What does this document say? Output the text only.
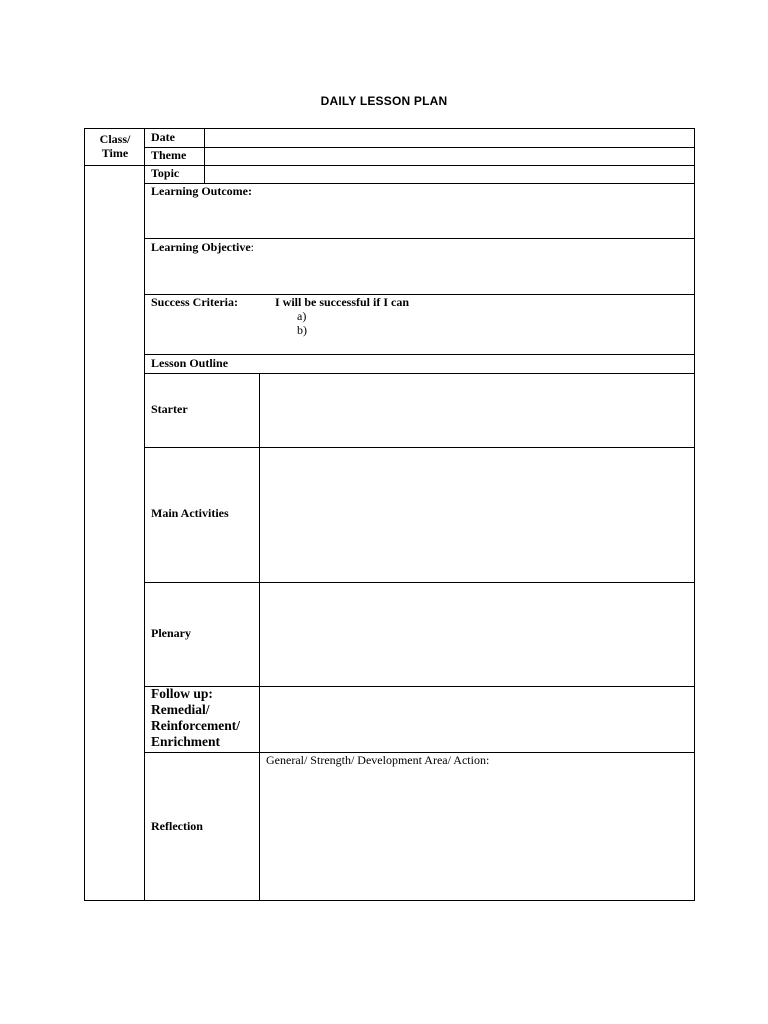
DAILY LESSON PLAN
Class/
Time
Date
Theme
Topic
Learning Outcome:
Learning Objective:
Success Criteria:	I will be successful if I can
a)
b)
Lesson Outline
Starter
Main Activities
Plenary
Follow up:
Remedial/
Reinforcement/
Enrichment
Reflection
General/ Strength/ Development Area/ Action:
